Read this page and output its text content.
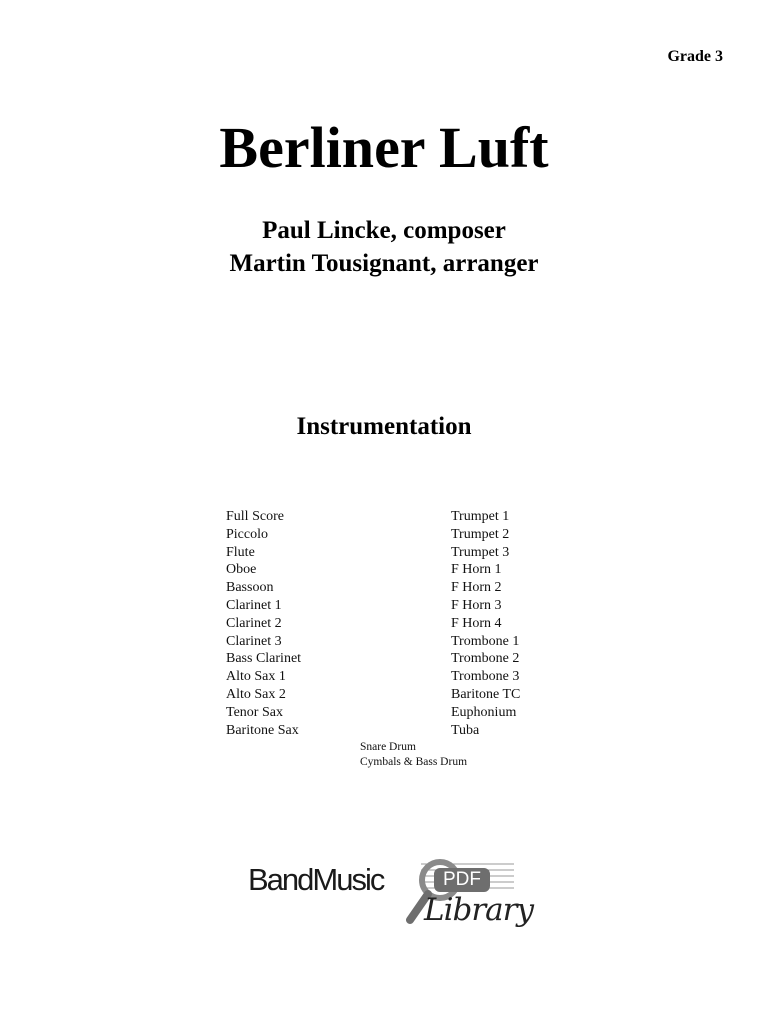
Grade 3
Berliner Luft
Paul Lincke, composer
Martin Tousignant, arranger
Instrumentation
Full Score
Piccolo
Flute
Oboe
Bassoon
Clarinet 1
Clarinet 2
Clarinet 3
Bass Clarinet
Alto Sax 1
Alto Sax 2
Tenor Sax
Baritone Sax
Trumpet 1
Trumpet 2
Trumpet 3
F Horn 1
F Horn 2
F Horn 3
F Horn 4
Trombone 1
Trombone 2
Trombone 3
Baritone TC
Euphonium
Tuba
Snare Drum
Cymbals & Bass Drum
BandMusic	PDF
Library
